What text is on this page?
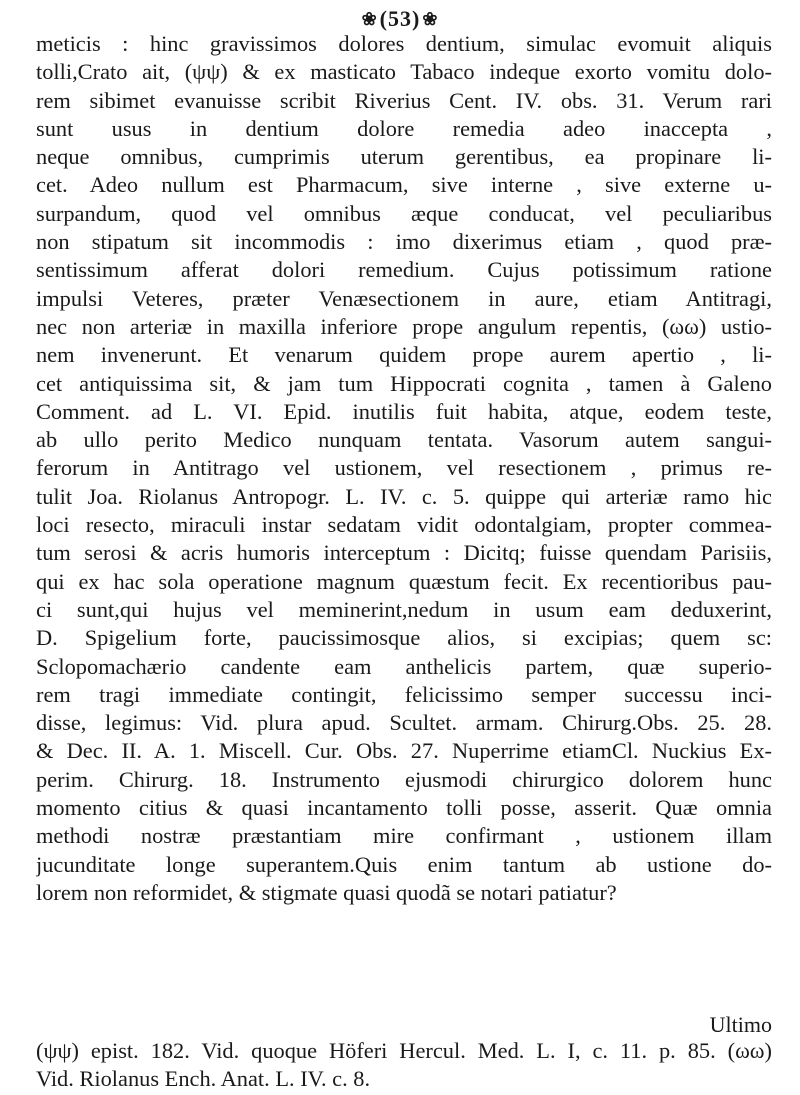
❀ (53) ❀
meticis : hinc gravissimos dolores dentium, simulac evomuit aliquis
tolli,Crato ait, (ψψ) & ex masticato Tabaco indeque exorto vomitu dolo-
rem sibimet evanuisse scribit Riverius Cent. IV. obs. 31. Verum rari
sunt usus in dentium dolore remedia adeo inaccepta ,
neque omnibus, cumprimis uterum gerentibus, ea propinare li-
cet. Adeo nullum est Pharmacum, sive interne , sive externe u-
surpandum, quod vel omnibus æque conducat, vel peculiaribus
non stipatum sit incommodis : imo dixerimus etiam , quod præ-
sentissimum afferat dolori remedium. Cujus potissimum ratione
impulsi Veteres, præter Venæsectionem in aure, etiam Antitragi,
nec non arteriæ in maxilla inferiore prope angulum repentis, (ωω) ustio-
nem invenerunt. Et venarum quidem prope aurem apertio , li-
cet antiquissima sit, & jam tum Hippocrati cognita , tamen à Galeno
Comment. ad L. VI. Epid. inutilis fuit habita, atque, eodem teste,
ab ullo perito Medico nunquam tentata. Vasorum autem sangui-
ferorum in Antitrago vel ustionem, vel resectionem , primus re-
tulit Joa. Riolanus Antropogr. L. IV. c. 5. quippe qui arteriæ ramo hic
loci resecto, miraculi instar sedatam vidit odontalgiam, propter commea-
tum serosi & acris humoris interceptum : Dicitq; fuisse quendam Parisiis,
qui ex hac sola operatione magnum quæstum fecit. Ex recentioribus pau-
ci sunt,qui hujus vel meminerint,nedum in usum eam deduxerint,
D. Spigelium forte, paucissimosque alios, si excipias; quem sc:
Sclopomachærio candente eam anthelicis partem, quæ superio-
rem tragi immediate contingit, felicissimo semper successu inci-
disse, legimus: Vid. plura apud. Scultet. armam. Chirurg.Obs. 25. 28.
& Dec. II. A. 1. Miscell. Cur. Obs. 27. Nuperrime etiamCl. Nuckius Ex-
perim. Chirurg. 18. Instrumento ejusmodi chirurgico dolorem hunc
momento citius & quasi incantamento tolli posse, asserit. Quæ omnia
methodi nostræ præstantiam mire confirmant , ustionem illam
jucunditate longe superantem.Quis enim tantum ab ustione do-
lorem non reformidet, & stigmate quasi quodã se notari patiatur?
Ultimo
(ψψ) epist. 182. Vid. quoque Höferi Hercul. Med. L. I, c. 11. p. 85. (ωω)
Vid. Riolanus Ench. Anat. L. IV. c. 8.
